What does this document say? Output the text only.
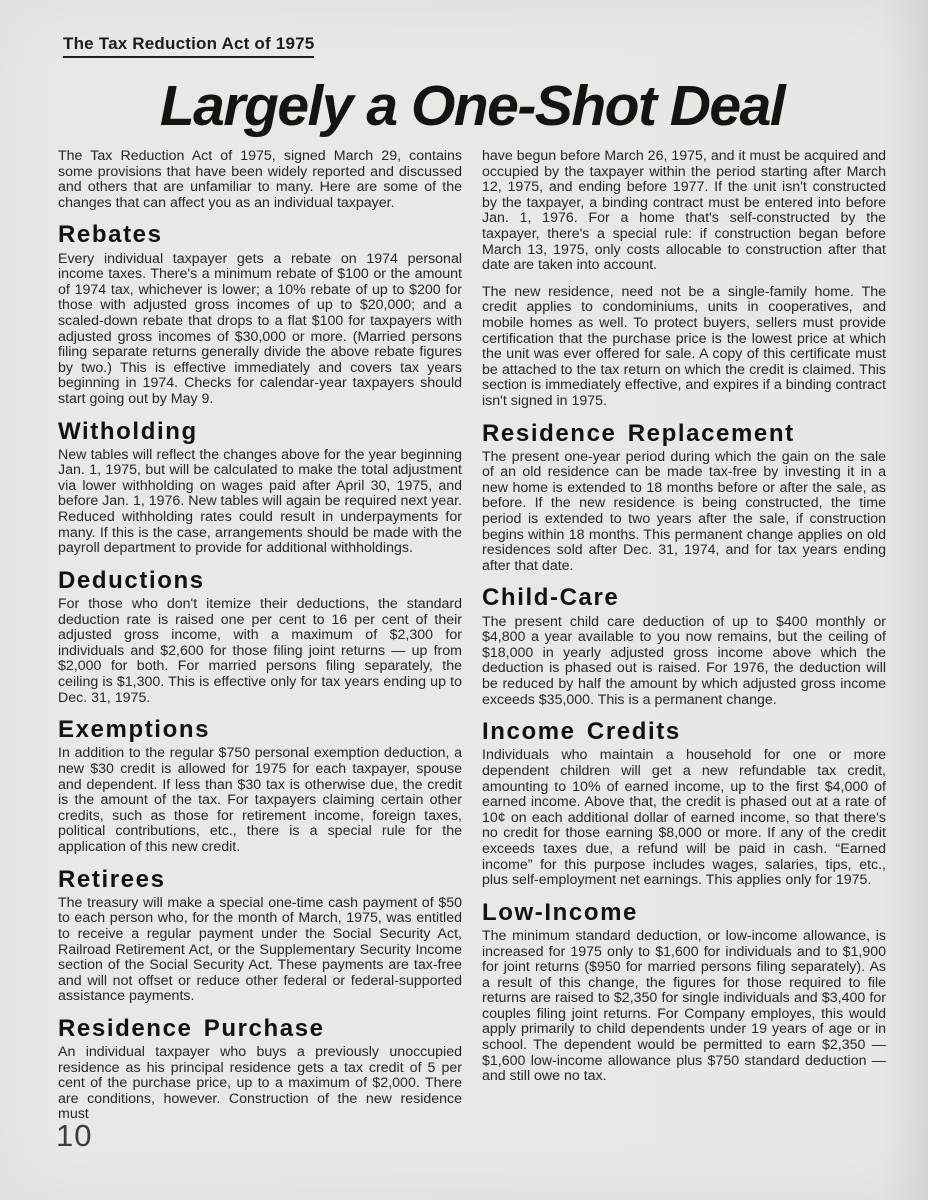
The Tax Reduction Act of 1975
Largely a One-Shot Deal

The Tax Reduction Act of 1975, signed March 29, contains some provisions that have been widely reported and discussed and others that are unfamiliar to many. Here are some of the changes that can affect you as an individual taxpayer.

Rebates

Every individual taxpayer gets a rebate on 1974 personal income taxes. There's a minimum rebate of $100 or the amount of 1974 tax, whichever is lower; a 10% rebate of up to $200 for those with adjusted gross incomes of up to $20,000; and a scaled-down rebate that drops to a flat $100 for taxpayers with adjusted gross incomes of $30,000 or more. (Married persons filing separate returns generally divide the above rebate figures by two.) This is effective immediately and covers tax years beginning in 1974. Checks for calendar-year taxpayers should start going out by May 9.

Witholding

New tables will reflect the changes above for the year beginning Jan. 1, 1975, but will be calculated to make the total adjustment via lower withholding on wages paid after April 30, 1975, and before Jan. 1, 1976. New tables will again be required next year. Reduced withholding rates could result in underpayments for many. If this is the case, arrangements should be made with the payroll department to provide for additional withholdings.

Deductions

For those who don't itemize their deductions, the standard deduction rate is raised one per cent to 16 per cent of their adjusted gross income, with a maximum of $2,300 for individuals and $2,600 for those filing joint returns — up from $2,000 for both. For married persons filing separately, the ceiling is $1,300. This is effective only for tax years ending up to Dec. 31, 1975.

Exemptions

In addition to the regular $750 personal exemption deduction, a new $30 credit is allowed for 1975 for each taxpayer, spouse and dependent. If less than $30 tax is otherwise due, the credit is the amount of the tax. For taxpayers claiming certain other credits, such as those for retirement income, foreign taxes, political contributions, etc., there is a special rule for the application of this new credit.

Retirees

The treasury will make a special one-time cash payment of $50 to each person who, for the month of March, 1975, was entitled to receive a regular payment under the Social Security Act, Railroad Retirement Act, or the Supplementary Security Income section of the Social Security Act. These payments are tax-free and will not offset or reduce other federal or federal-supported assistance payments.

Residence Purchase

An individual taxpayer who buys a previously unoccupied residence as his principal residence gets a tax credit of 5 per cent of the purchase price, up to a maximum of $2,000. There are conditions, however. Construction of the new residence must

have begun before March 26, 1975, and it must be acquired and occupied by the taxpayer within the period starting after March 12, 1975, and ending before 1977. If the unit isn't constructed by the taxpayer, a binding contract must be entered into before Jan. 1, 1976. For a home that's self-constructed by the taxpayer, there's a special rule: if construction began before March 13, 1975, only costs allocable to construction after that date are taken into account.

The new residence, need not be a single-family home. The credit applies to condominiums, units in cooperatives, and mobile homes as well. To protect buyers, sellers must provide certification that the purchase price is the lowest price at which the unit was ever offered for sale. A copy of this certificate must be attached to the tax return on which the credit is claimed. This section is immediately effective, and expires if a binding contract isn't signed in 1975.

Residence Replacement

The present one-year period during which the gain on the sale of an old residence can be made tax-free by investing it in a new home is extended to 18 months before or after the sale, as before. If the new residence is being constructed, the time period is extended to two years after the sale, if construction begins within 18 months. This permanent change applies on old residences sold after Dec. 31, 1974, and for tax years ending after that date.

Child-Care

The present child care deduction of up to $400 monthly or $4,800 a year available to you now remains, but the ceiling of $18,000 in yearly adjusted gross income above which the deduction is phased out is raised. For 1976, the deduction will be reduced by half the amount by which adjusted gross income exceeds $35,000. This is a permanent change.

Income Credits

Individuals who maintain a household for one or more dependent children will get a new refundable tax credit, amounting to 10% of earned income, up to the first $4,000 of earned income. Above that, the credit is phased out at a rate of 10¢ on each additional dollar of earned income, so that there's no credit for those earning $8,000 or more. If any of the credit exceeds taxes due, a refund will be paid in cash. “Earned income” for this purpose includes wages, salaries, tips, etc., plus self-employment net earnings. This applies only for 1975.

Low-Income

The minimum standard deduction, or low-income allowance, is increased for 1975 only to $1,600 for individuals and to $1,900 for joint returns ($950 for married persons filing separately). As a result of this change, the figures for those required to file returns are raised to $2,350 for single individuals and $3,400 for couples filing joint returns. For Company employes, this would apply primarily to child dependents under 19 years of age or in school. The dependent would be permitted to earn $2,350 — $1,600 low-income allowance plus $750 standard deduction — and still owe no tax.

10
